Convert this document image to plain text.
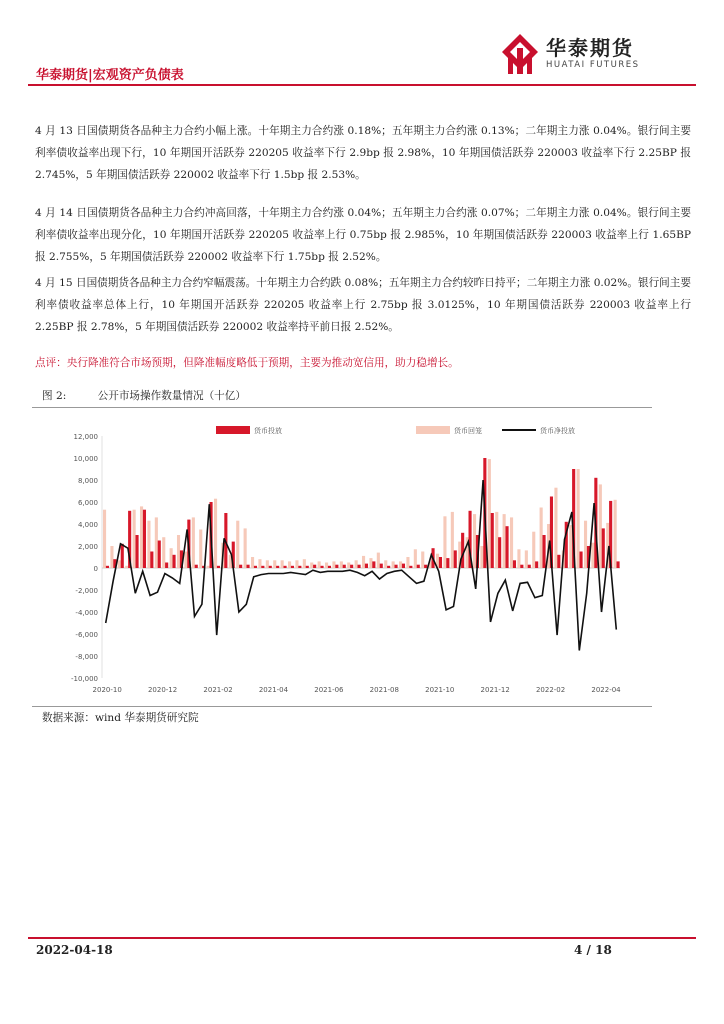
华泰期货|宏观资产负债表
华泰期货
HUATAI FUTURES

4 月 13 日国债期货各品种主力合约小幅上涨。十年期主力合约涨 0.18%；五年期主力合约涨 0.13%；二年期主力涨 0.04%。银行间主要利率债收益率出现下行，10 年期国开活跃券 220205 收益率下行 2.9bp 报 2.98%，10 年期国债活跃券 220003 收益率下行 2.25BP 报 2.745%，5 年期国债活跃券 220002 收益率下行 1.5bp 报 2.53%。

4 月 14 日国债期货各品种主力合约冲高回落，十年期主力合约涨 0.04%；五年期主力合约涨 0.07%；二年期主力涨 0.04%。银行间主要利率债收益率出现分化，10 年期国开活跃券 220205 收益率上行 0.75bp 报 2.985%，10 年期国债活跃券 220003 收益率上行 1.65BP 报 2.755%，5 年期国债活跃券 220002 收益率下行 1.75bp 报 2.52%。

4 月 15 日国债期货各品种主力合约窄幅震荡。十年期主力合约跌 0.08%；五年期主力合约较昨日持平；二年期主力涨 0.02%。银行间主要利率债收益率总体上行，10 年期国开活跃券 220205 收益率上行 2.75bp 报 3.0125%，10 年期国债活跃券 220003 收益率上行 2.25BP 报 2.78%，5 年期国债活跃券 220002 收益率持平前日报 2.52%。

点评：央行降准符合市场预期，但降准幅度略低于预期，主要为推动宽信用，助力稳增长。

图 2:	公开市场操作数量情况（十亿）
货币投放	货币回笼	货币净投放
12,000
10,000
8,000
6,000
4,000
2,000
0
-2,000
-4,000
-6,000
-8,000
-10,000
2020-10	2020-12	2021-02	2021-04	2021-06	2021-08	2021-10	2021-12	2022-02	2022-04
数据来源：wind 华泰期货研究院
2022-04-18	4 / 18
